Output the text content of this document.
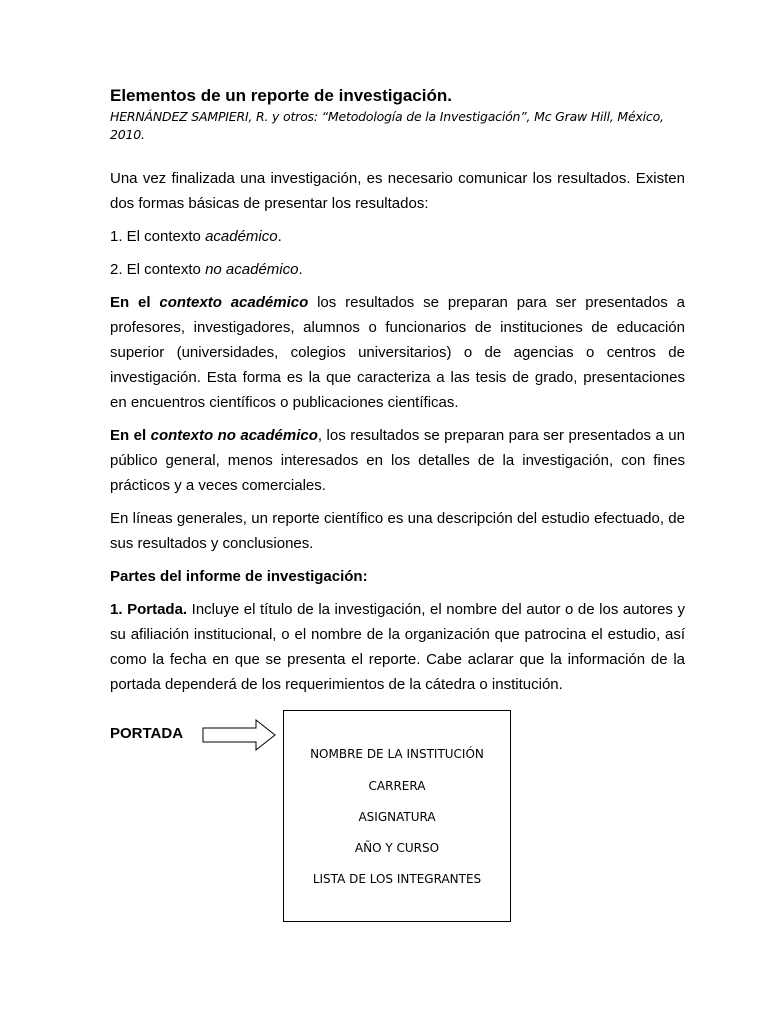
Elementos de un reporte de investigación.

HERNÁNDEZ SAMPIERI, R. y otros: “Metodología de la Investigación”, Mc Graw Hill, México, 2010.

Una vez finalizada una investigación, es necesario comunicar los resultados. Existen dos formas básicas de presentar los resultados:

1. El contexto académico.

2. El contexto no académico.

En el contexto académico los resultados se preparan para ser presentados a profesores, investigadores, alumnos o funcionarios de instituciones de educación superior (universidades, colegios universitarios) o de agencias o centros de investigación. Esta forma es la que caracteriza a las tesis de grado, presentaciones en encuentros científicos o publicaciones científicas.

En el contexto no académico, los resultados se preparan para ser presentados a un público general, menos interesados en los detalles de la investigación, con fines prácticos y a veces comerciales.

En líneas generales, un reporte científico es una descripción del estudio efectuado, de sus resultados y conclusiones.

Partes del informe de investigación:

1. Portada. Incluye el título de la investigación, el nombre del autor o de los autores y su afiliación institucional, o el nombre de la organización que patrocina el estudio, así como la fecha en que se presenta el reporte. Cabe aclarar que la información de la portada dependerá de los requerimientos de la cátedra o institución.

PORTADA
NOMBRE DE LA INSTITUCIÓN
CARRERA
ASIGNATURA
AÑO Y CURSO
LISTA DE LOS INTEGRANTES
